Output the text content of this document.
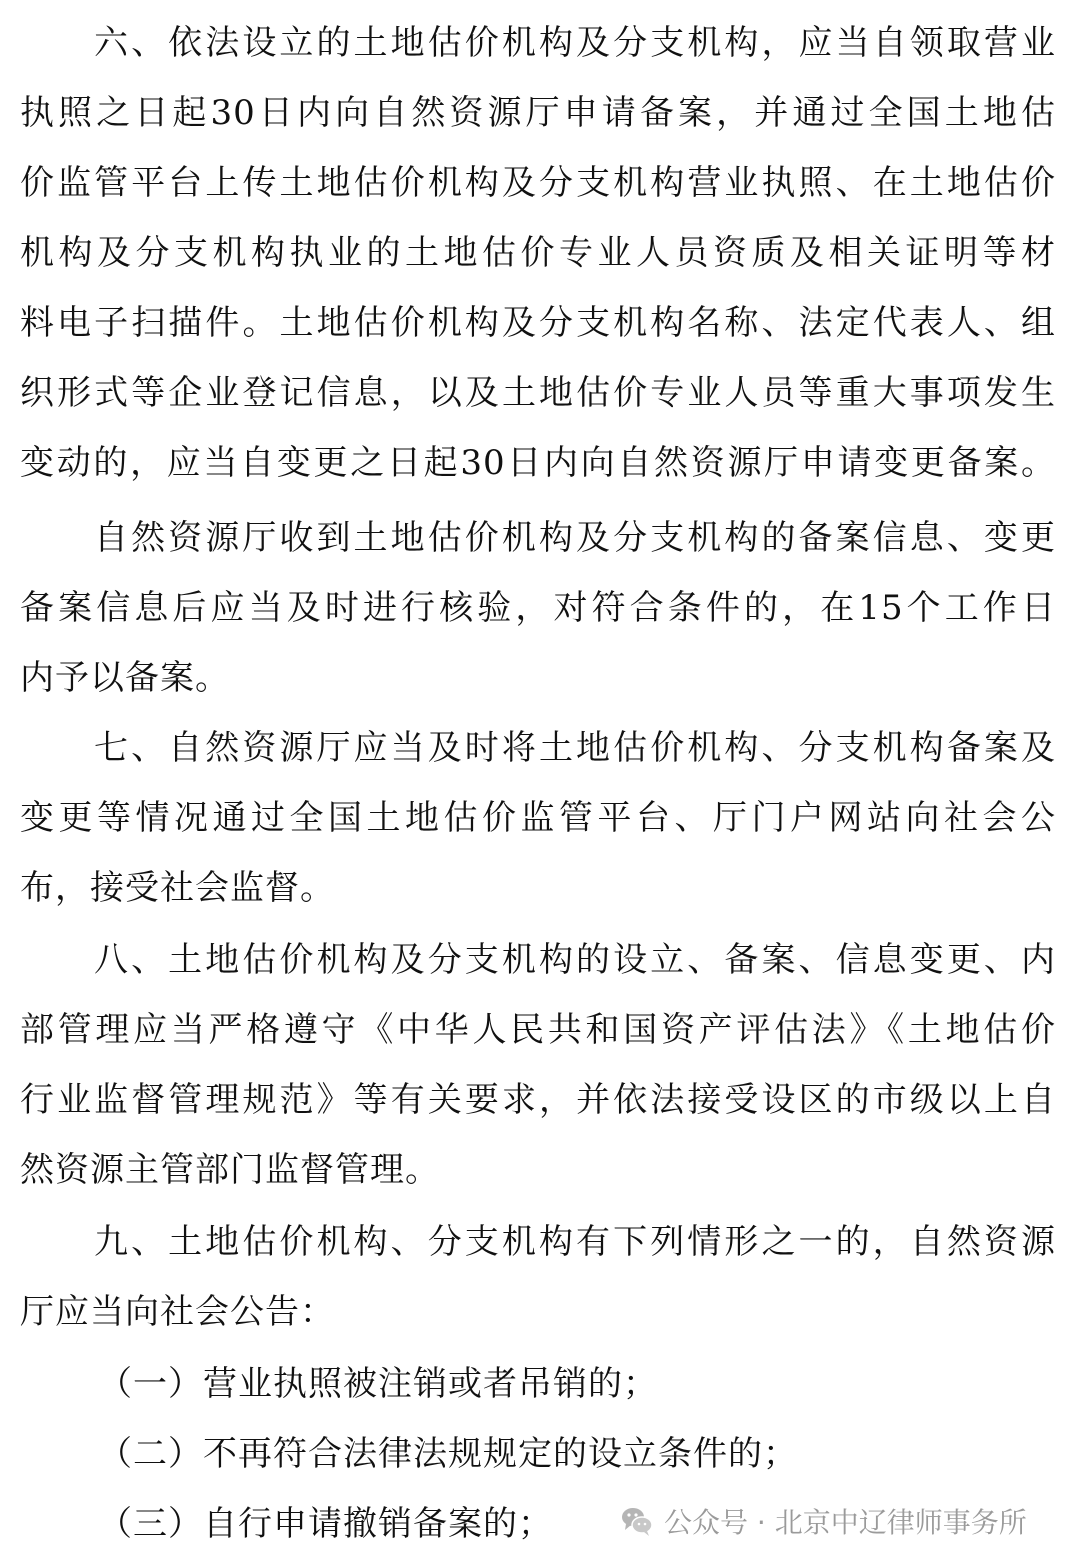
六、依法设立的土地估价机构及分支机构，应当自领取营业
执照之日起30日内向自然资源厅申请备案，并通过全国土地估
价监管平台上传土地估价机构及分支机构营业执照、在土地估价
机构及分支机构执业的土地估价专业人员资质及相关证明等材
料电子扫描件。土地估价机构及分支机构名称、法定代表人、组
织形式等企业登记信息，以及土地估价专业人员等重大事项发生
变动的，应当自变更之日起30日内向自然资源厅申请变更备案。
自然资源厅收到土地估价机构及分支机构的备案信息、变更
备案信息后应当及时进行核验，对符合条件的，在15个工作日
内予以备案。
七、自然资源厅应当及时将土地估价机构、分支机构备案及
变更等情况通过全国土地估价监管平台、厅门户网站向社会公
布，接受社会监督。
八、土地估价机构及分支机构的设立、备案、信息变更、内
部管理应当严格遵守《中华人民共和国资产评估法》《土地估价
行业监督管理规范》等有关要求，并依法接受设区的市级以上自
然资源主管部门监督管理。
九、土地估价机构、分支机构有下列情形之一的，自然资源
厅应当向社会公告：
（一）营业执照被注销或者吊销的；
（二）不再符合法律法规规定的设立条件的；
（三）自行申请撤销备案的；	公众号 · 北京中辽律师事务所
